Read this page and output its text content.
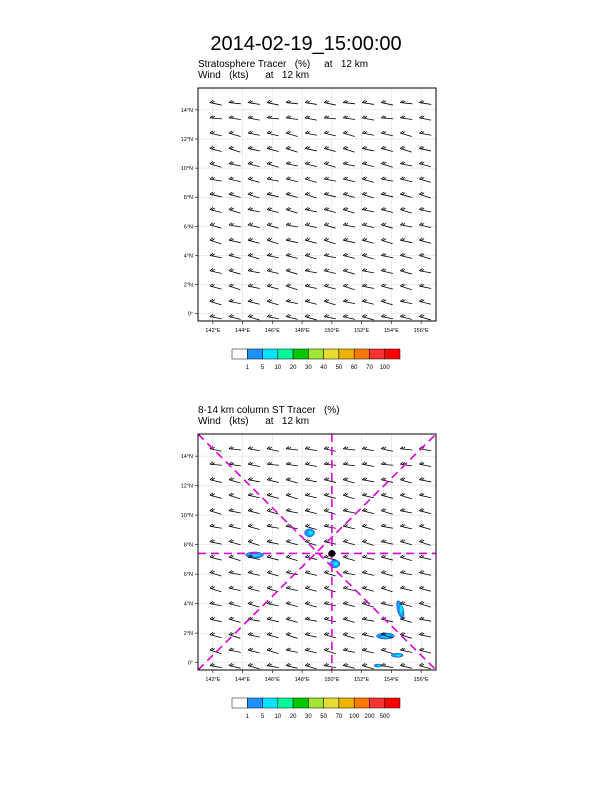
2014-02-19_15:00:00
Stratosphere Tracer   (%)     at   12 km
Wind   (kts)      at   12 km
8-14 km column ST Tracer   (%)
Wind   (kts)      at   12 km
142°E	144°E	146°E	148°E	150°E	152°E	154°E	156°E
0°
2°N
4°N
6°N
8°N
10°N
12°N
14°N
1 5 10 20 30 40 50 60 70 100
142°E	144°E	146°E	148°E	150°E	152°E	154°E	156°E
0°
2°N
4°N
6°N
8°N
10°N
12°N
14°N
1 5 10 20 30 50 70 100 200 500
